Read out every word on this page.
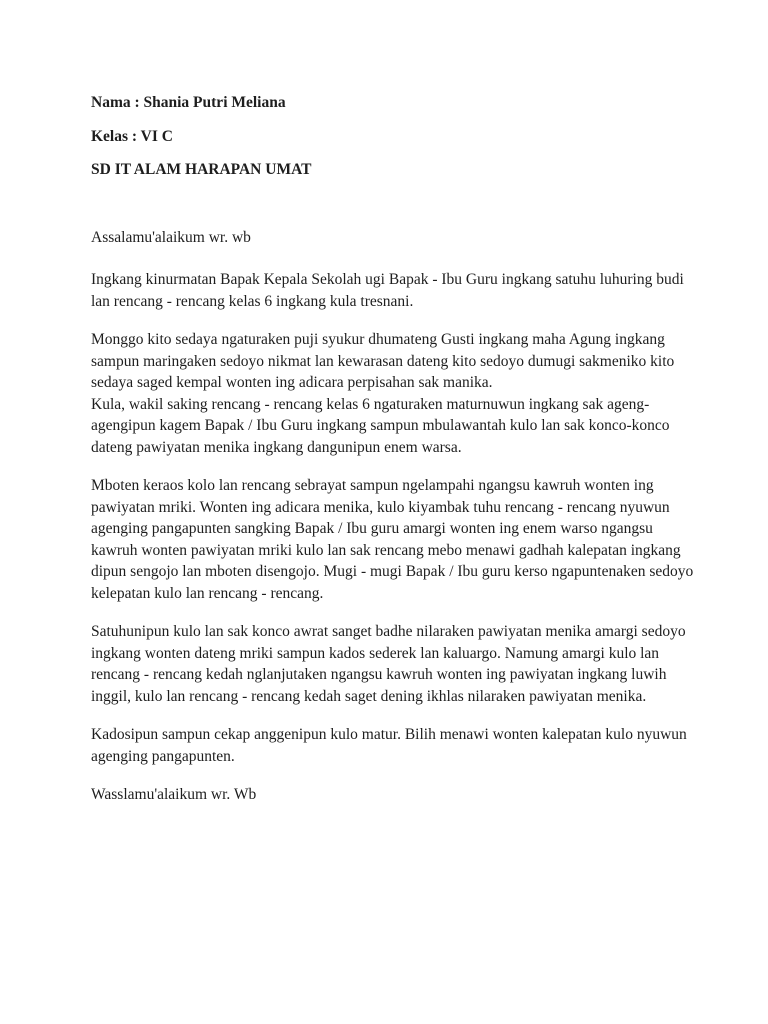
Nama : Shania Putri Meliana

Kelas : VI C

SD IT ALAM HARAPAN UMAT

Assalamu'alaikum wr. wb

Ingkang kinurmatan Bapak Kepala Sekolah ugi Bapak - Ibu Guru ingkang satuhu luhuring budi
lan rencang - rencang kelas 6 ingkang kula tresnani.
Monggo kito sedaya ngaturaken puji syukur dhumateng Gusti ingkang maha Agung ingkang
sampun maringaken sedoyo nikmat lan kewarasan dateng kito sedoyo dumugi sakmeniko kito
sedaya saged kempal wonten ing adicara perpisahan sak manika.
Kula, wakil saking rencang - rencang kelas 6 ngaturaken maturnuwun ingkang sak ageng-
agengipun kagem Bapak / Ibu Guru ingkang sampun mbulawantah kulo lan sak konco-konco
dateng pawiyatan menika ingkang dangunipun enem warsa.
Mboten keraos kolo lan rencang sebrayat sampun ngelampahi ngangsu kawruh wonten ing
pawiyatan mriki. Wonten ing adicara menika, kulo kiyambak tuhu rencang - rencang nyuwun
agenging pangapunten sangking Bapak / Ibu guru amargi wonten ing enem warso ngangsu
kawruh wonten pawiyatan mriki kulo lan sak rencang mebo menawi gadhah kalepatan ingkang
dipun sengojo lan mboten disengojo. Mugi - mugi Bapak / Ibu guru kerso ngapuntenaken sedoyo
kelepatan kulo lan rencang - rencang.
Satuhunipun kulo lan sak konco awrat sanget badhe nilaraken pawiyatan menika amargi sedoyo
ingkang wonten dateng mriki sampun kados sederek lan kaluargo. Namung amargi kulo lan
rencang - rencang kedah nglanjutaken ngangsu kawruh wonten ing pawiyatan ingkang luwih
inggil, kulo lan rencang - rencang kedah saget dening ikhlas nilaraken pawiyatan menika.
Kadosipun sampun cekap anggenipun kulo matur. Bilih menawi wonten kalepatan kulo nyuwun
agenging pangapunten.

Wasslamu'alaikum wr. Wb
